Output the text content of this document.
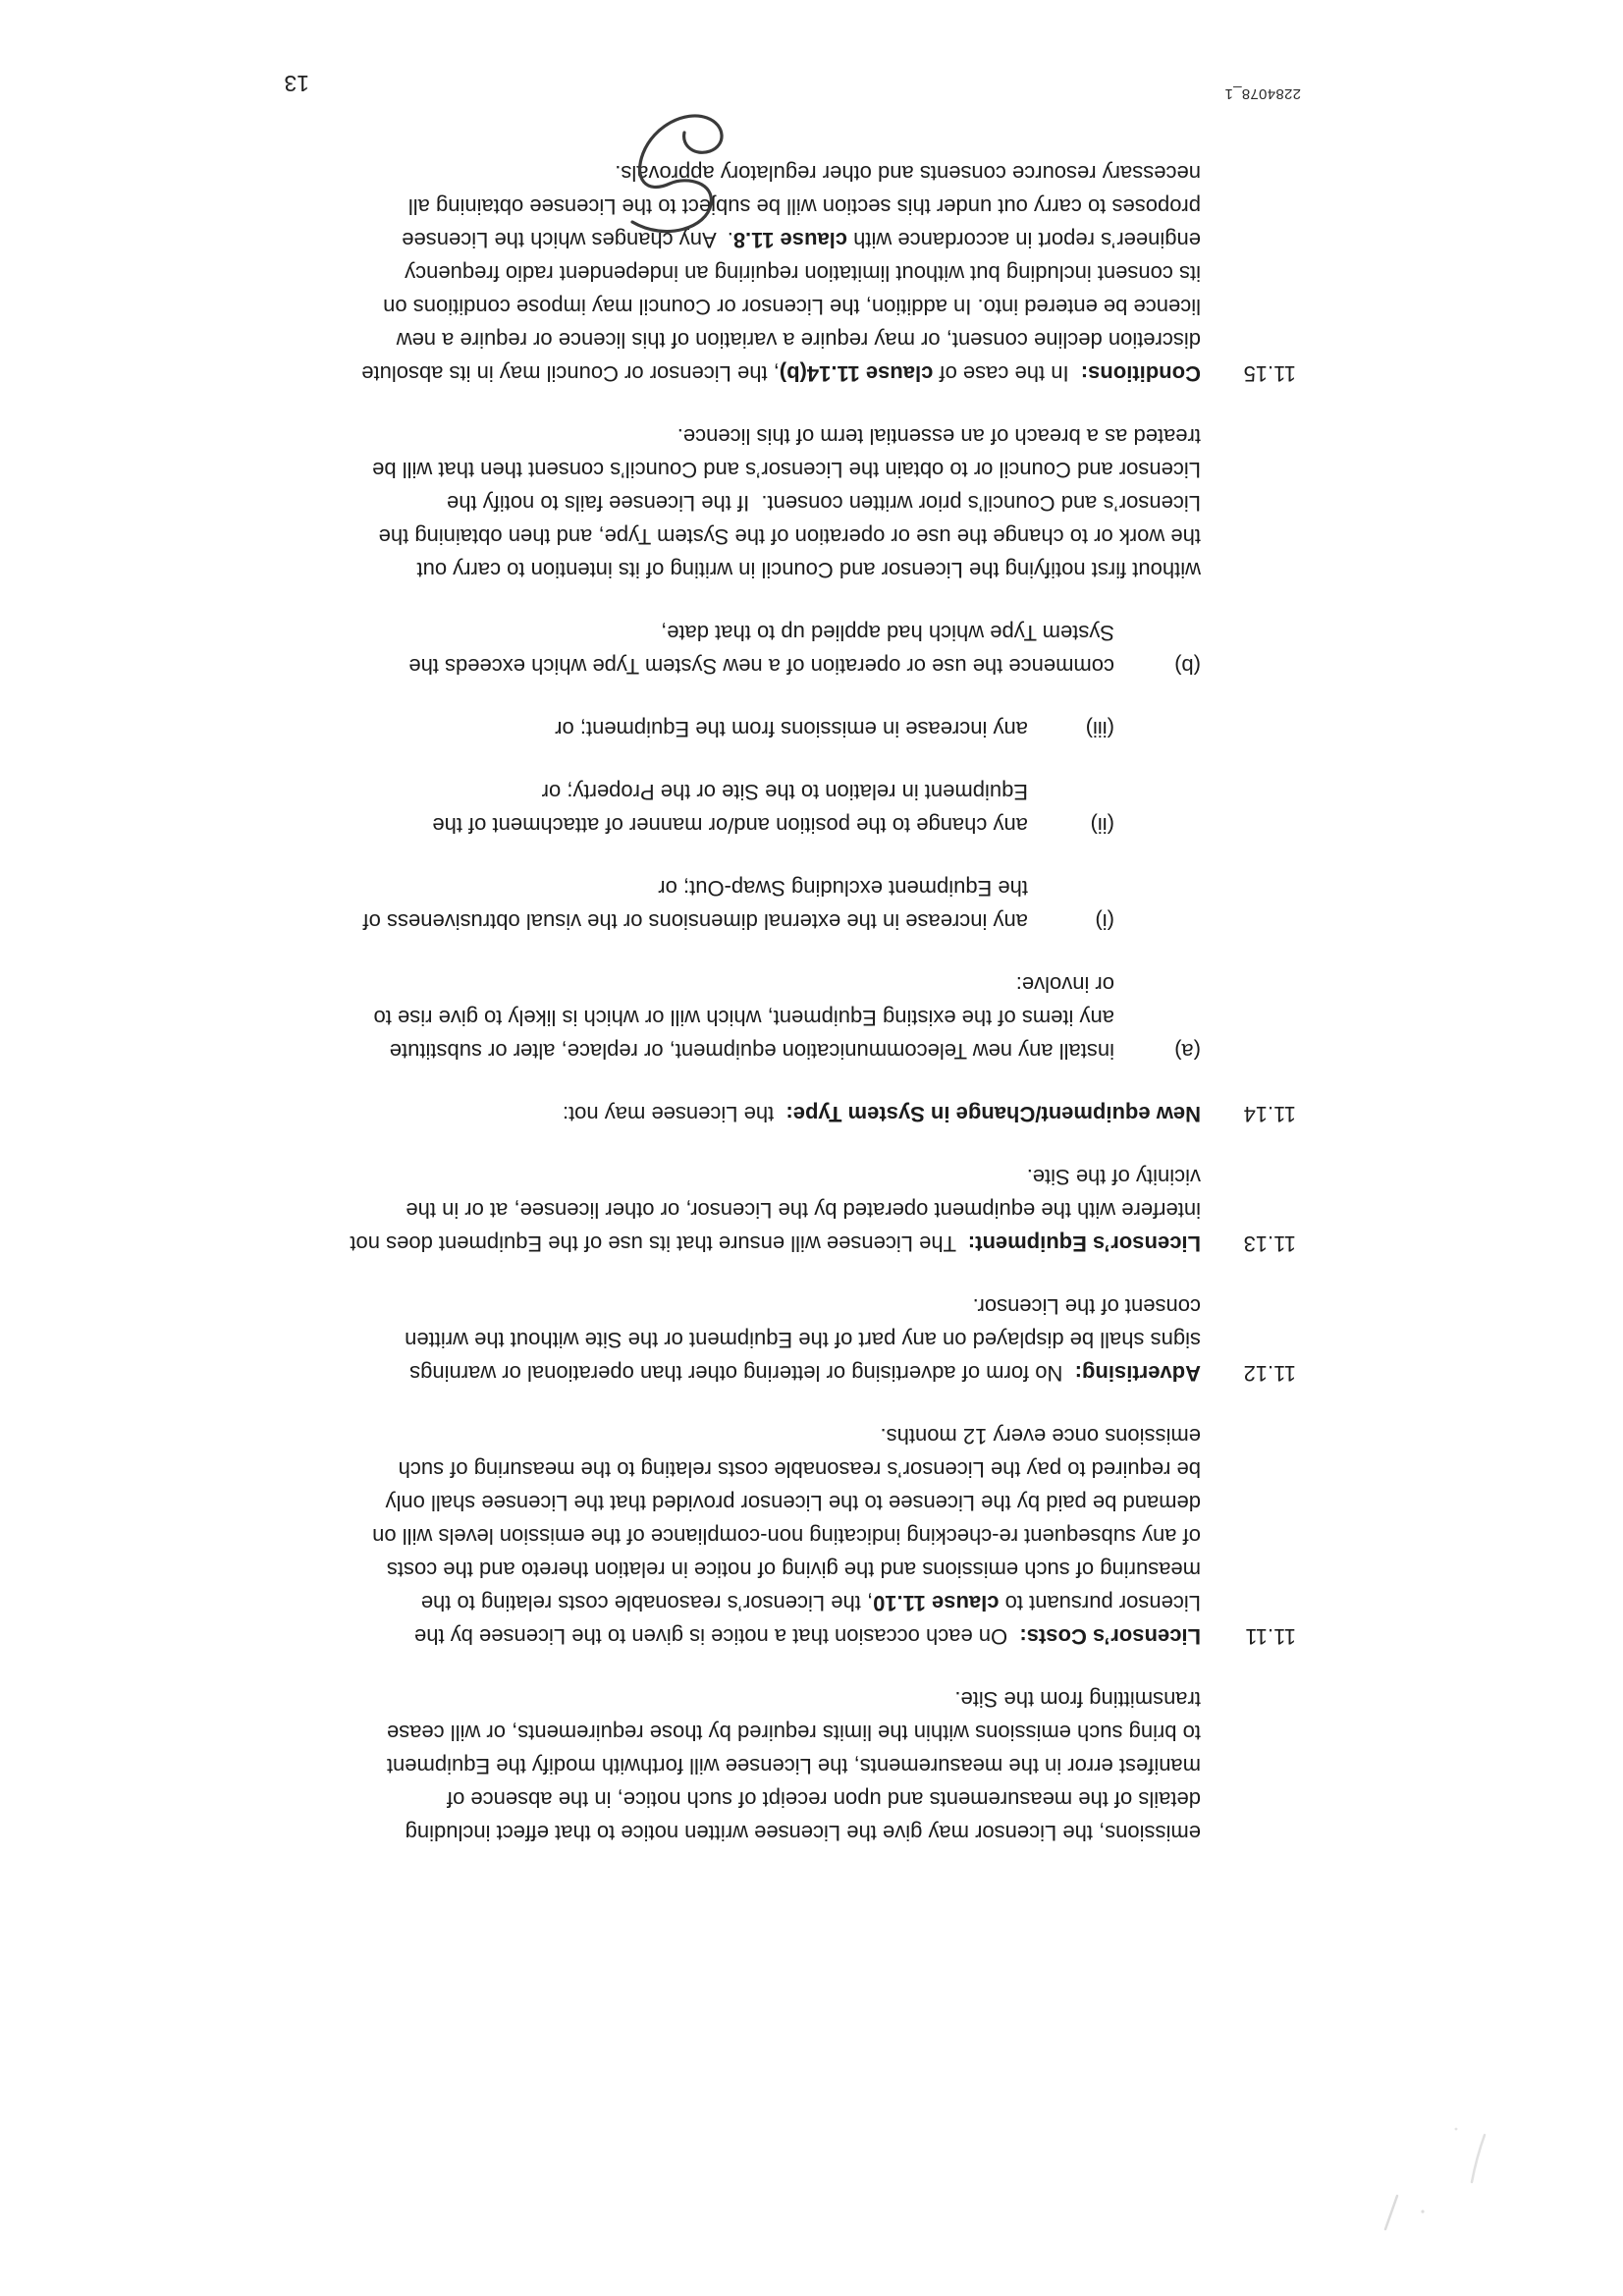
emissions, the Licensor may give the Licensee written notice to that effect including
details of the measurements and upon receipt of such notice, in the absence of
manifest error in the measurements, the Licensee will forthwith modify the Equipment
to bring such emissions within the limits required by those requirements, or will cease
transmitting from the Site.
11.11
Licensor’s Costs:  On each occasion that a notice is given to the Licensee by the
Licensor pursuant to clause 11.10, the Licensor’s reasonable costs relating to the
measuring of such emissions and the giving of notice in relation thereto and the costs
of any subsequent re-checking indicating non-compliance of the emission levels will on
demand be paid by the Licensee to the Licensor provided that the Licensee shall only
be required to pay the Licensor’s reasonable costs relating to the measuring of such
emissions once every 12 months.
11.12
Advertising:  No form of advertising or lettering other than operational or warnings
signs shall be displayed on any part of the Equipment or the Site without the written
consent of the Licensor.
11.13
Licensor’s Equipment:  The Licensee will ensure that its use of the Equipment does not
interfere with the equipment operated by the Licensor, or other licensee, at or in the
vicinity of the Site.
11.14
New equipment/Change in System Type:  the Licensee may not:
(a)
install any new Telecommunication equipment, or replace, alter or substitute
any items of the existing Equipment, which will or which is likely to give rise to
or involve:
(i)
any increase in the external dimensions or the visual obtrusiveness of
the Equipment excluding Swap-Out; or
(ii)
any change to the position and/or manner of attachment of the
Equipment in relation to the Site or the Property; or
(iii)
any increase in emissions from the Equipment; or
(b)
commence the use or operation of a new System Type which exceeds the
System Type which had applied up to that date,
without first notifying the Licensor and Council in writing of its intention to carry out
the work or to change the use or operation of the System Type, and then obtaining the
Licensor’s and Council’s prior written consent.  If the Licensee fails to notify the
Licensor and Council or to obtain the Licensor’s and Council’s consent then that will be
treated as a breach of an essential term of this licence.
11.15
Conditions:  In the case of clause 11.14(b), the Licensor or Council may in its absolute
discretion decline consent, or may require a variation of this licence or require a new
licence be entered into. In addition, the Licensor or Council may impose conditions on
its consent including but without limitation requiring an independent radio frequency
engineer’s report in accordance with clause 11.8.  Any changes which the Licensee
proposes to carry out under this section will be subject to the Licensee obtaining all
necessary resource consents and other regulatory approvals.
2284078_1
13
